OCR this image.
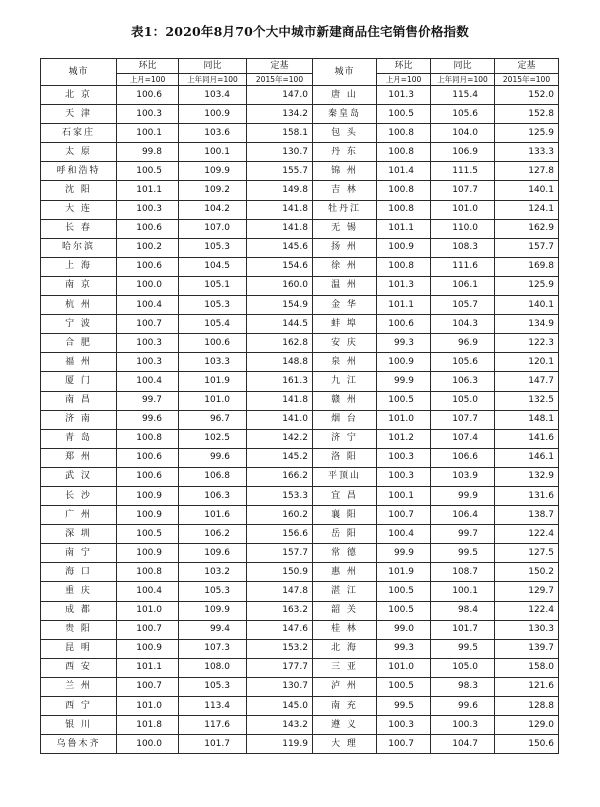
表1：2020年8月70个大中城市新建商品住宅销售价格指数
城市	环比	同比	定基	城市	环比	同比	定基
	上月=100	上年同月=100	2015年=100		上月=100	上年同月=100	2015年=100
北 京	100.6	103.4	147.0	唐 山	101.3	115.4	152.0
天 津	100.3	100.9	134.2	秦皇岛	100.5	105.6	152.8
石家庄	100.1	103.6	158.1	包 头	100.8	104.0	125.9
太 原	99.8	100.1	130.7	丹 东	100.8	106.9	133.3
呼和浩特	100.5	109.9	155.7	锦 州	101.4	111.5	127.8
沈 阳	101.1	109.2	149.8	吉 林	100.8	107.7	140.1
大 连	100.3	104.2	141.8	牡丹江	100.8	101.0	124.1
长 春	100.6	107.0	141.8	无 锡	101.1	110.0	162.9
哈尔滨	100.2	105.3	145.6	扬 州	100.9	108.3	157.7
上 海	100.6	104.5	154.6	徐 州	100.8	111.6	169.8
南 京	100.0	105.1	160.0	温 州	101.3	106.1	125.9
杭 州	100.4	105.3	154.9	金 华	101.1	105.7	140.1
宁 波	100.7	105.4	144.5	蚌 埠	100.6	104.3	134.9
合 肥	100.3	100.6	162.8	安 庆	99.3	96.9	122.3
福 州	100.3	103.3	148.8	泉 州	100.9	105.6	120.1
厦 门	100.4	101.9	161.3	九 江	99.9	106.3	147.7
南 昌	99.7	101.0	141.8	赣 州	100.5	105.0	132.5
济 南	99.6	96.7	141.0	烟 台	101.0	107.7	148.1
青 岛	100.8	102.5	142.2	济 宁	101.2	107.4	141.6
郑 州	100.6	99.6	145.2	洛 阳	100.3	106.6	146.1
武 汉	100.6	106.8	166.2	平顶山	100.3	103.9	132.9
长 沙	100.9	106.3	153.3	宜 昌	100.1	99.9	131.6
广 州	100.9	101.6	160.2	襄 阳	100.7	106.4	138.7
深 圳	100.5	106.2	156.6	岳 阳	100.4	99.7	122.4
南 宁	100.9	109.6	157.7	常 德	99.9	99.5	127.5
海 口	100.8	103.2	150.9	惠 州	101.9	108.7	150.2
重 庆	100.4	105.3	147.8	湛 江	100.5	100.1	129.7
成 都	101.0	109.9	163.2	韶 关	100.5	98.4	122.4
贵 阳	100.7	99.4	147.6	桂 林	99.0	101.7	130.3
昆 明	100.9	107.3	153.2	北 海	99.3	99.5	139.7
西 安	101.1	108.0	177.7	三 亚	101.0	105.0	158.0
兰 州	100.7	105.3	130.7	泸 州	100.5	98.3	121.6
西 宁	101.0	113.4	145.0	南 充	99.5	99.6	128.8
银 川	101.8	117.6	143.2	遵 义	100.3	100.3	129.0
乌鲁木齐	100.0	101.7	119.9	大 理	100.7	104.7	150.6
